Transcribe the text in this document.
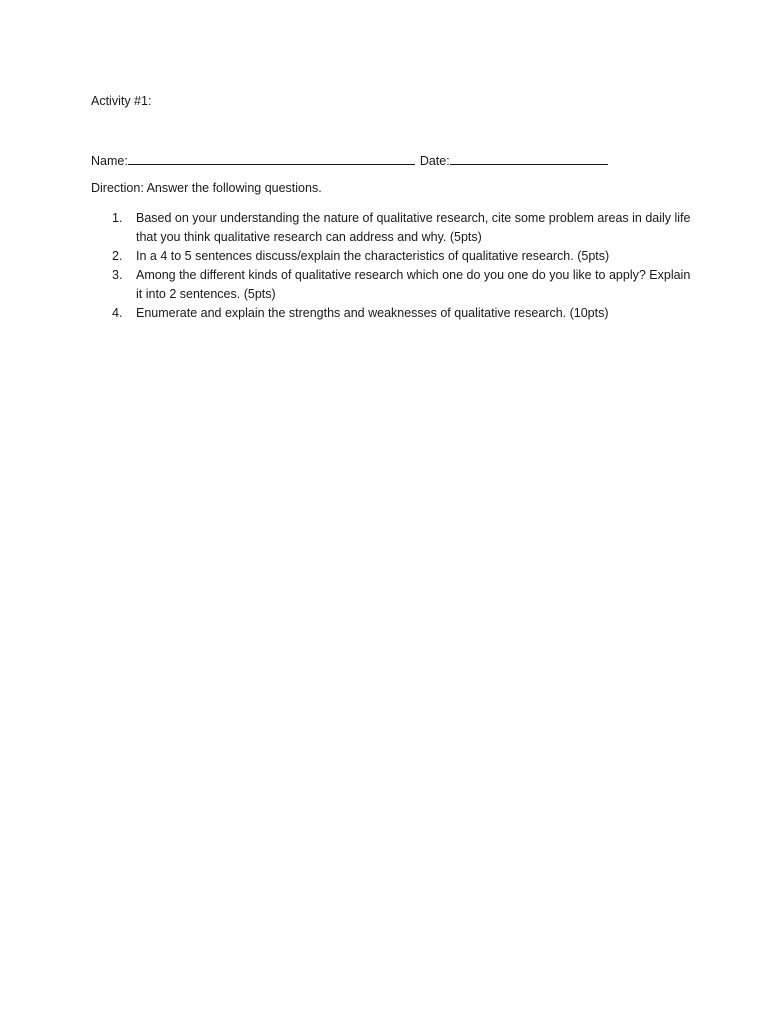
Activity #1:
Name:	Date:
Direction: Answer the following questions.
1. Based on your understanding the nature of qualitative research, cite some problem areas in daily life that you think qualitative research can address and why. (5pts)
2. In a 4 to 5 sentences discuss/explain the characteristics of qualitative research. (5pts)
3. Among the different kinds of qualitative research which one do you one do you like to apply? Explain it into 2 sentences. (5pts)
4. Enumerate and explain the strengths and weaknesses of qualitative research. (10pts)
